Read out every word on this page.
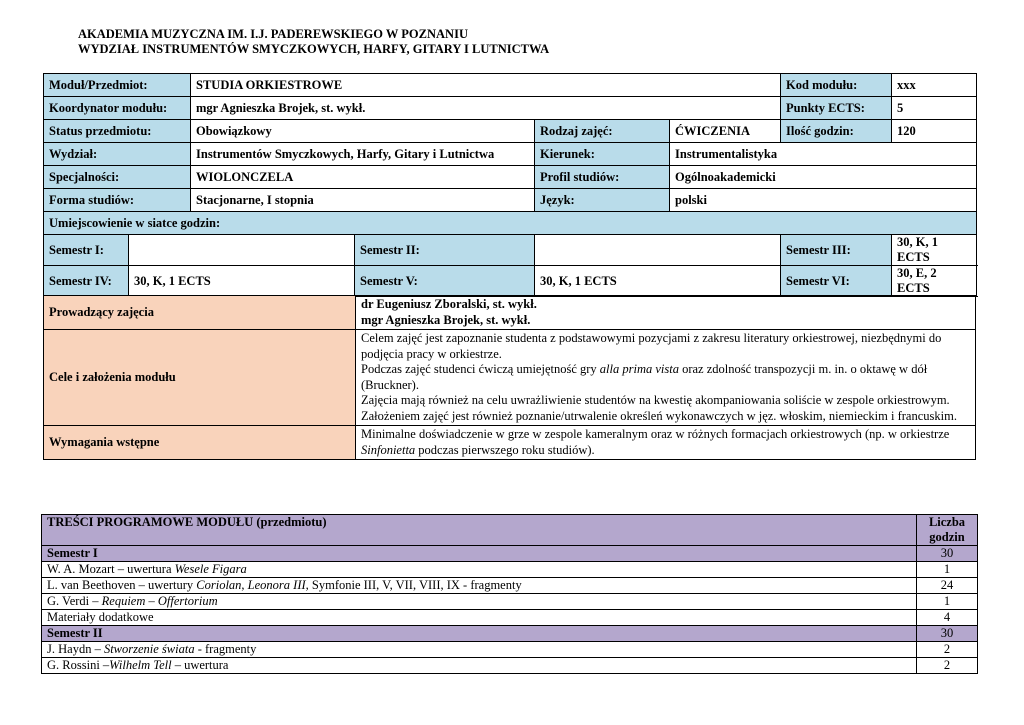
AKADEMIA MUZYCZNA IM. I.J. PADEREWSKIEGO W POZNANIU
WYDZIAŁ INSTRUMENTÓW SMYCZKOWYCH, HARFY, GITARY I LUTNICTWA
Moduł/Przedmiot:		STUDIA ORKIESTROWE				Kod modułu:	xxx
Koordynator modułu:		mgr Agnieszka Brojek, st. wykł.				Punkty ECTS:	5
Status przedmiotu:		Obowiązkowy		Rodzaj zajęć:	ĆWICZENIA	Ilość godzin:	120
Wydział:		Instrumentów Smyczkowych, Harfy, Gitary i Lutnictwa		Kierunek:	Instrumentalistyka		
Specjalności:		WIOLONCZELA		Profil studiów:	Ogólnoakademicki		
Forma studiów:		Stacjonarne, I stopnia		Język:	polski		
Umiejscowienie w siatce godzin:							
Semestr I:			Semestr II:			Semestr III:	30, K, 1 ECTS
Semestr IV:	30, K, 1 ECTS		Semestr V:	30, K, 1 ECTS		Semestr VI:	30, E, 2 ECTS
Prowadzący zajęcia	dr Eugeniusz Zboralski, st. wykł.
mgr Agnieszka Brojek, st. wykł.

Cele i założenia modułu	Celem zajęć jest zapoznanie studenta z podstawowymi pozycjami z zakresu literatury orkiestrowej, niezbędnymi do podjęcia pracy w orkiestrze.
Podczas zajęć studenci ćwiczą umiejętność gry alla prima vista oraz zdolność transpozycji m. in. o oktawę w dół (Bruckner).
Zajęcia mają również na celu uwrażliwienie studentów na kwestię akompaniowania soliście w zespole orkiestrowym.
Założeniem zajęć jest również poznanie/utrwalenie określeń wykonawczych w jęz. włoskim, niemieckim i francuskim.

Wymagania wstępne	Minimalne doświadczenie w grze w zespole kameralnym oraz w różnych formacjach orkiestrowych (np. w orkiestrze Sinfonietta podczas pierwszego roku studiów).
TREŚCI PROGRAMOWE MODUŁU (przedmiotu)	Liczba godzin
Semestr I	30
W. A. Mozart – uwertura Wesele Figara	1
L. van Beethoven – uwertury Coriolan, Leonora III, Symfonie III, V, VII, VIII, IX - fragmenty	24
G. Verdi – Requiem – Offertorium	1
Materiały dodatkowe	4
Semestr II	30
J. Haydn – Stworzenie świata - fragmenty	2
G. Rossini –Wilhelm Tell – uwertura	2
